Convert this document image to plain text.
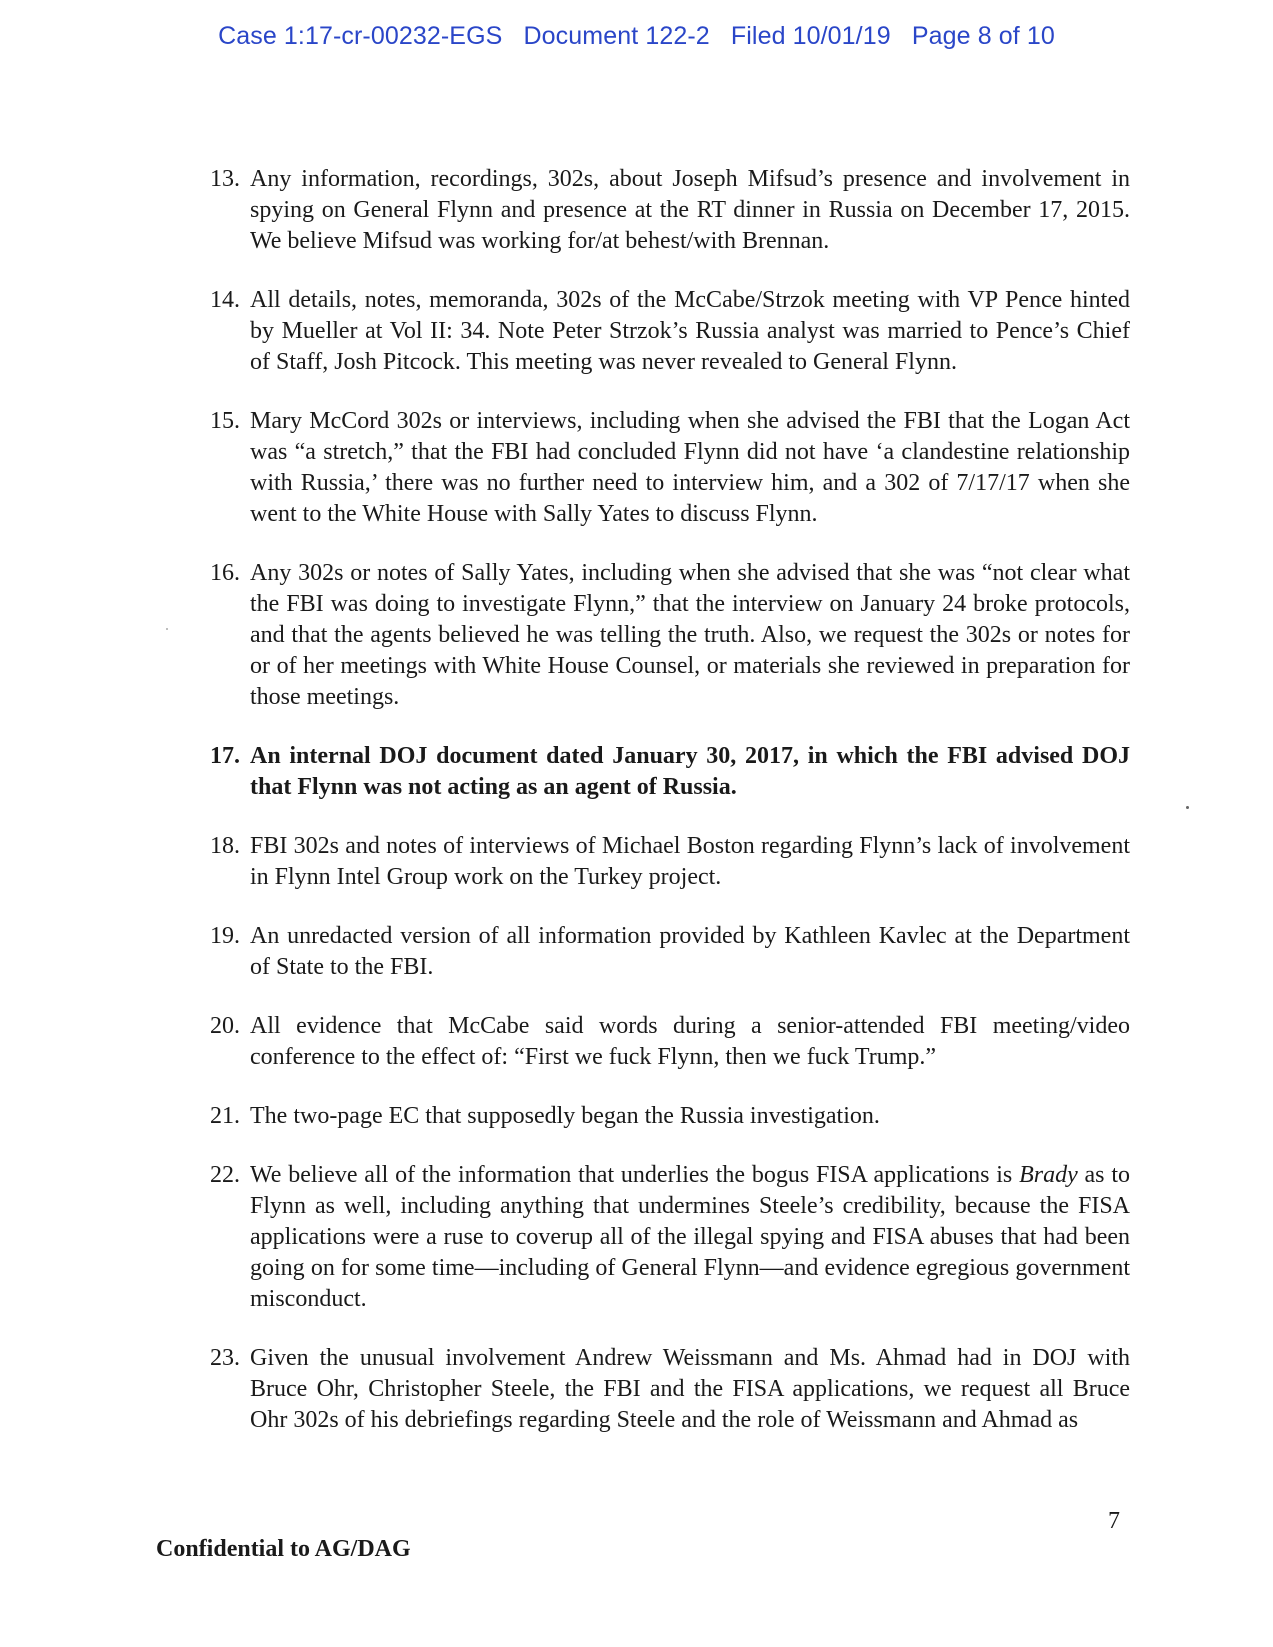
Case 1:17-cr-00232-EGS   Document 122-2   Filed 10/01/19   Page 8 of 10
13. Any information, recordings, 302s, about Joseph Mifsud’s presence and involvement in spying on General Flynn and presence at the RT dinner in Russia on December 17, 2015. We believe Mifsud was working for/at behest/with Brennan.
14. All details, notes, memoranda, 302s of the McCabe/Strzok meeting with VP Pence hinted by Mueller at Vol II: 34. Note Peter Strzok’s Russia analyst was married to Pence’s Chief of Staff, Josh Pitcock. This meeting was never revealed to General Flynn.
15. Mary McCord 302s or interviews, including when she advised the FBI that the Logan Act was “a stretch,” that the FBI had concluded Flynn did not have ‘a clandestine relationship with Russia,’ there was no further need to interview him, and a 302 of 7/17/17 when she went to the White House with Sally Yates to discuss Flynn.
16. Any 302s or notes of Sally Yates, including when she advised that she was “not clear what the FBI was doing to investigate Flynn,” that the interview on January 24 broke protocols, and that the agents believed he was telling the truth. Also, we request the 302s or notes for or of her meetings with White House Counsel, or materials she reviewed in preparation for those meetings.
17. An internal DOJ document dated January 30, 2017, in which the FBI advised DOJ that Flynn was not acting as an agent of Russia.
18. FBI 302s and notes of interviews of Michael Boston regarding Flynn’s lack of involvement in Flynn Intel Group work on the Turkey project.
19. An unredacted version of all information provided by Kathleen Kavlec at the Department of State to the FBI.
20. All evidence that McCabe said words during a senior-attended FBI meeting/video conference to the effect of: “First we fuck Flynn, then we fuck Trump.”
21. The two-page EC that supposedly began the Russia investigation.
22. We believe all of the information that underlies the bogus FISA applications is Brady as to Flynn as well, including anything that undermines Steele’s credibility, because the FISA applications were a ruse to coverup all of the illegal spying and FISA abuses that had been going on for some time—including of General Flynn—and evidence egregious government misconduct.
23. Given the unusual involvement Andrew Weissmann and Ms. Ahmad had in DOJ with Bruce Ohr, Christopher Steele, the FBI and the FISA applications, we request all Bruce Ohr 302s of his debriefings regarding Steele and the role of Weissmann and Ahmad as
7
Confidential to AG/DAG
